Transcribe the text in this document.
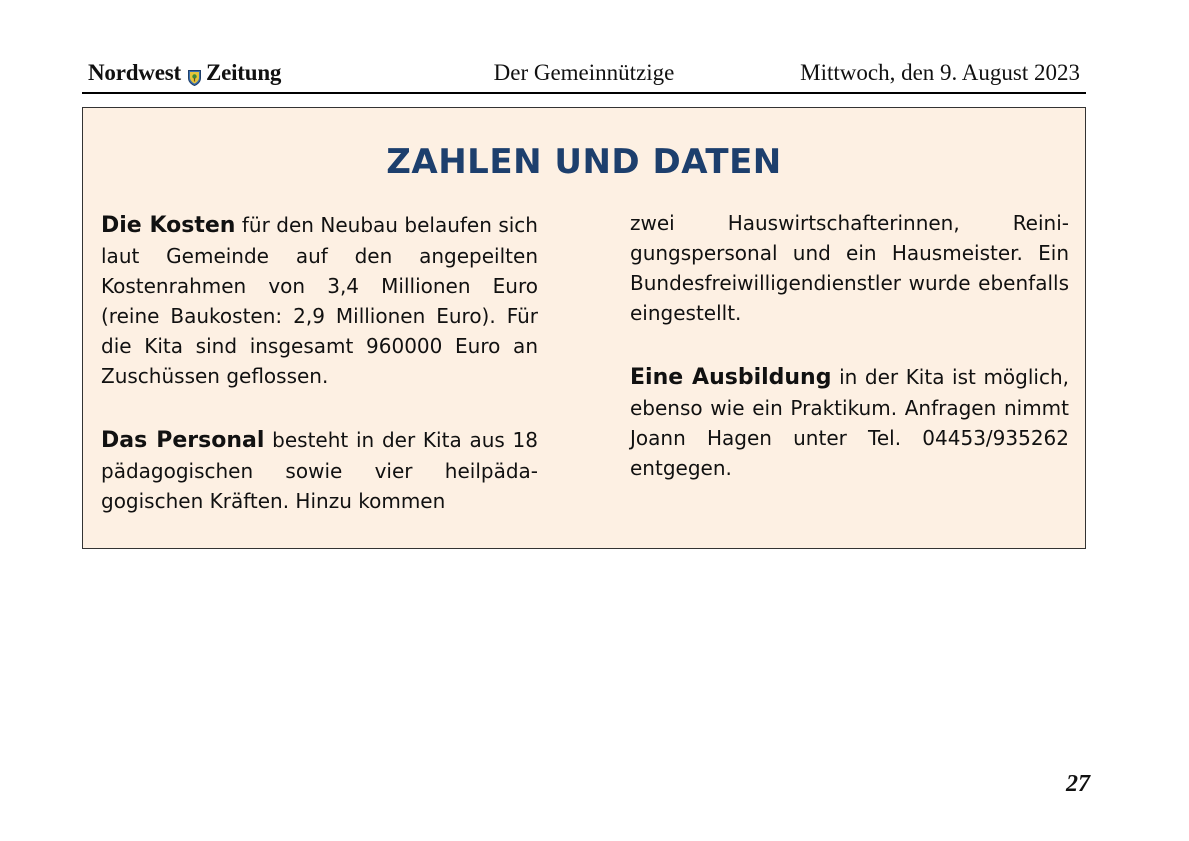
Nordwest Zeitung	Der Gemeinnützige	Mittwoch, den 9. August 2023
ZAHLEN UND DATEN

Die Kosten für den Neubau belaufen sich laut Gemeinde auf den angepeilten Kostenrahmen von 3,4 Millionen Euro (reine Baukosten: 2,9 Millionen Euro). Für die Kita sind insgesamt 960000 Euro an Zuschüssen geflossen.

Das Personal besteht in der Kita aus 18 pädagogischen sowie vier heilpädagogischen Kräften. Hinzu kommen

zwei Hauswirtschafterinnen, Reinigungspersonal und ein Hausmeister. Ein Bundesfreiwilligendienstler wurde ebenfalls eingestellt.

Eine Ausbildung in der Kita ist möglich, ebenso wie ein Praktikum. Anfragen nimmt Joann Hagen unter Tel. 04453/935262 entgegen.

27
